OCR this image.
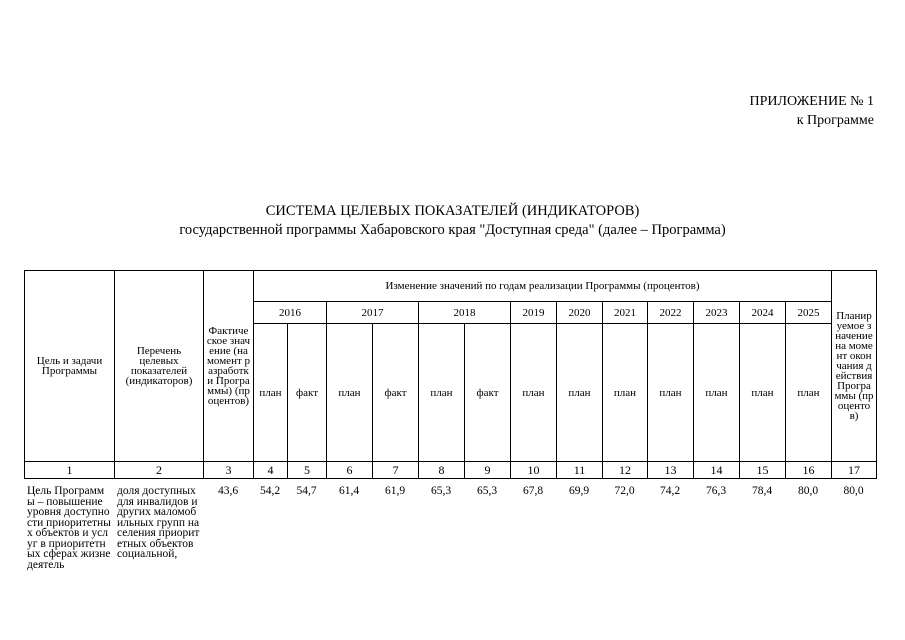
ПРИЛОЖЕНИЕ № 1
к Программе
СИСТЕМА ЦЕЛЕВЫХ ПОКАЗАТЕЛЕЙ (ИНДИКАТОРОВ)
государственной программы Хабаровского края "Доступная среда" (далее – Программа)
Цель и задачи Программы	Перечень целевых показателей (индикаторов)	Фактическое значение (на момент разработки Программы) (процентов)	Изменение значений по годам реализации Программы (процентов)													Планируемое значение на момент окончания действия Программы (процентов)
			2016		2017		2018		2019	2020	2021	2022	2023	2024	2025	
			план	факт	план	факт	план	факт	план	план	план	план	план	план	план	
1	2	3	4	5	6	7	8	9	10	11	12	13	14	15	16	17
Цель Программы – повышение уровня доступности приоритетных объектов и услуг в приоритетных сферах жизнедеятель	доля доступных для инвалидов и других маломобильных групп населения приоритетных объектов социальной,	43,6	54,2	54,7	61,4	61,9	65,3	65,3	67,8	69,9	72,0	74,2	76,3	78,4	80,0	80,0
